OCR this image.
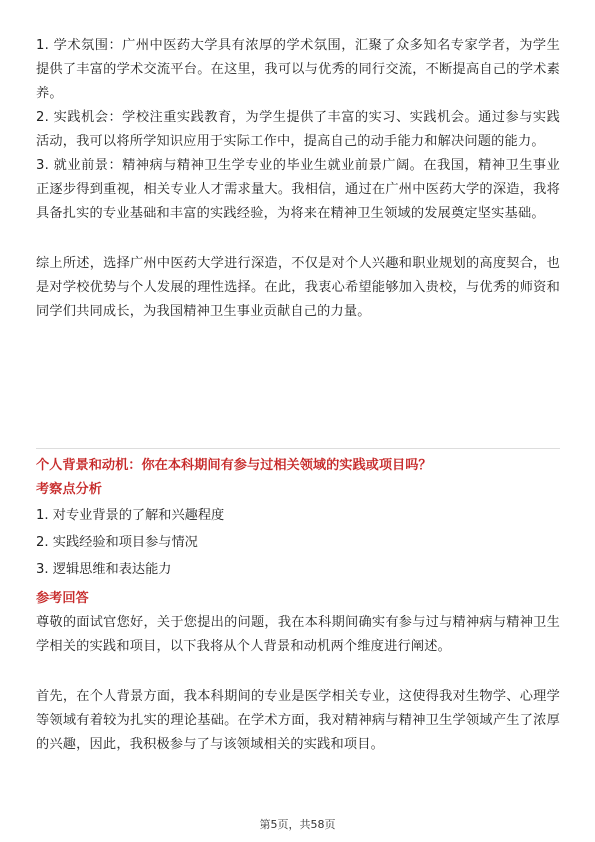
1. 学术氛围：广州中医药大学具有浓厚的学术氛围，汇聚了众多知名专家学者，为学生提供了丰富的学术交流平台。在这里，我可以与优秀的同行交流，不断提高自己的学术素养。

2. 实践机会：学校注重实践教育，为学生提供了丰富的实习、实践机会。通过参与实践活动，我可以将所学知识应用于实际工作中，提高自己的动手能力和解决问题的能力。

3. 就业前景：精神病与精神卫生学专业的毕业生就业前景广阔。在我国，精神卫生事业正逐步得到重视，相关专业人才需求量大。我相信，通过在广州中医药大学的深造，我将具备扎实的专业基础和丰富的实践经验，为将来在精神卫生领域的发展奠定坚实基础。

综上所述，选择广州中医药大学进行深造，不仅是对个人兴趣和职业规划的高度契合，也是对学校优势与个人发展的理性选择。在此，我衷心希望能够加入贵校，与优秀的师资和同学们共同成长，为我国精神卫生事业贡献自己的力量。

个人背景和动机：你在本科期间有参与过相关领域的实践或项目吗？

考察点分析

1. 对专业背景的了解和兴趣程度

2. 实践经验和项目参与情况

3. 逻辑思维和表达能力

参考回答

尊敬的面试官您好，关于您提出的问题，我在本科期间确实有参与过与精神病与精神卫生学相关的实践和项目，以下我将从个人背景和动机两个维度进行阐述。

首先，在个人背景方面，我本科期间的专业是医学相关专业，这使得我对生物学、心理学等领域有着较为扎实的理论基础。在学术方面，我对精神病与精神卫生学领域产生了浓厚的兴趣，因此，我积极参与了与该领域相关的实践和项目。

第5页，共58页
